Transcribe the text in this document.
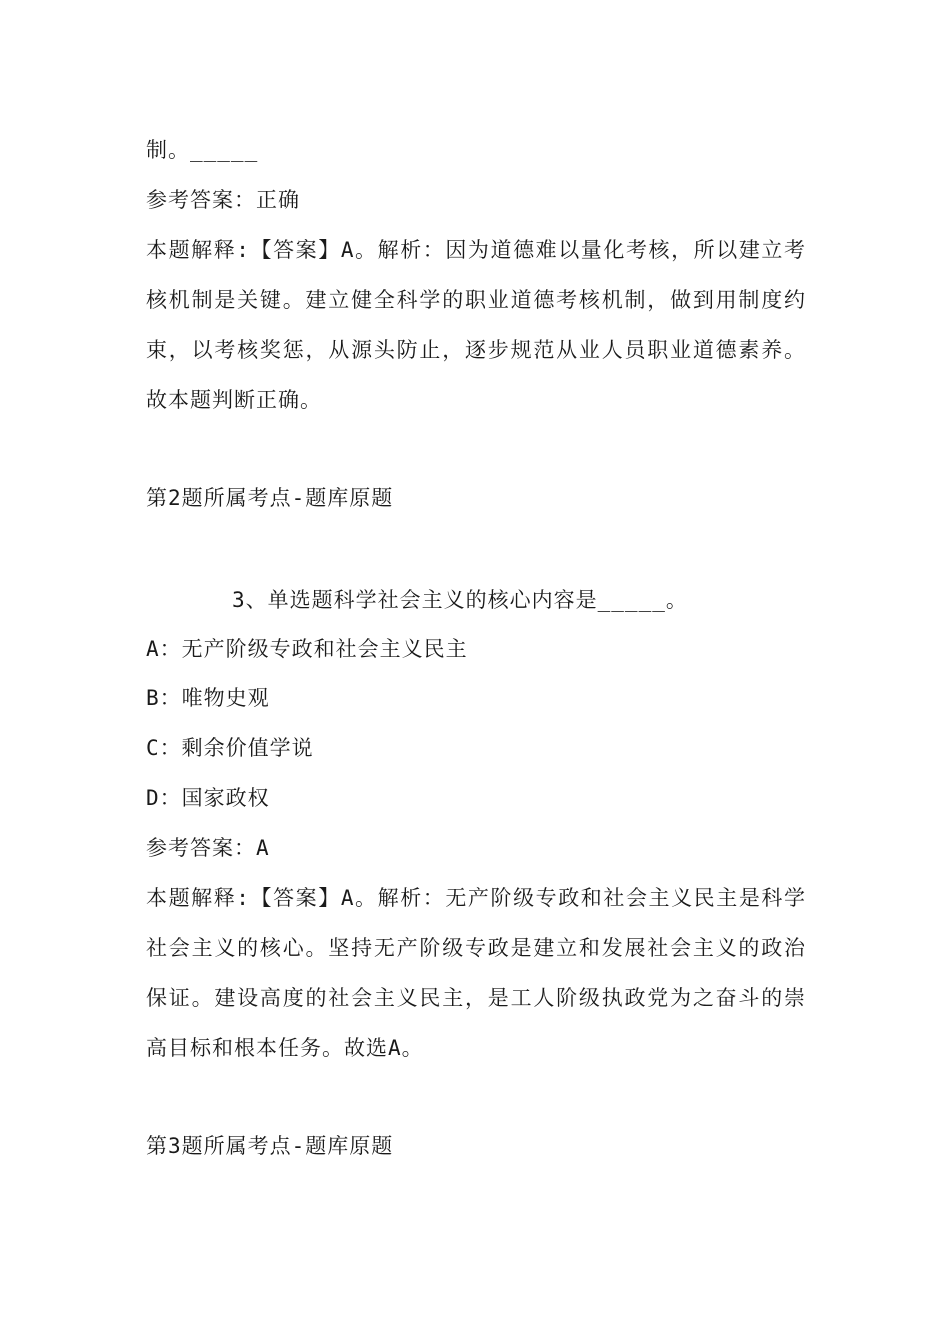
制。_____
参考答案：正确
本题解释:【答案】A。解析：因为道德难以量化考核，所以建立考
核机制是关键。建立健全科学的职业道德考核机制，做到用制度约
束，以考核奖惩，从源头防止，逐步规范从业人员职业道德素养。
故本题判断正确。
第2题所属考点-题库原题
3、单选题科学社会主义的核心内容是_____。
A：无产阶级专政和社会主义民主
B：唯物史观
C：剩余价值学说
D：国家政权
参考答案：A
本题解释:【答案】A。解析：无产阶级专政和社会主义民主是科学
社会主义的核心。坚持无产阶级专政是建立和发展社会主义的政治
保证。建设高度的社会主义民主，是工人阶级执政党为之奋斗的崇
高目标和根本任务。故选A。
第3题所属考点-题库原题
